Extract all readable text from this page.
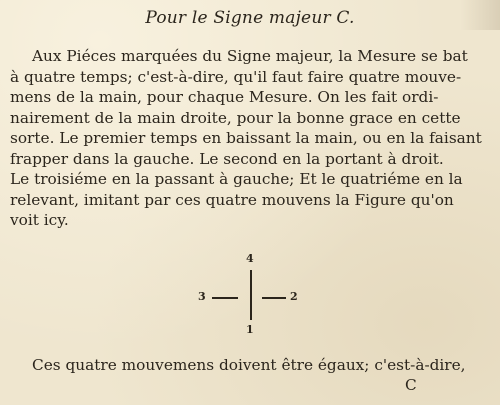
Pour le Signe majeur C.
Aux Piéces marquées du Signe majeur, la Mesure se bat
à quatre temps; c'est-à-dire, qu'il faut faire quatre mouve-
mens de la main, pour chaque Mesure. On les fait ordi-
nairement de la main droite, pour la bonne grace en cette
sorte. Le premier temps en baissant la main, ou en la faisant
frapper dans la gauche. Le second en la portant à droit.
Le troisiéme en la passant à gauche; Et le quatriéme en la
relevant, imitant par ces quatre mouvens la Figure qu'on
voit icy.
4
3	2
1
Ces quatre mouvemens doivent être égaux; c'est-à-dire,
C
